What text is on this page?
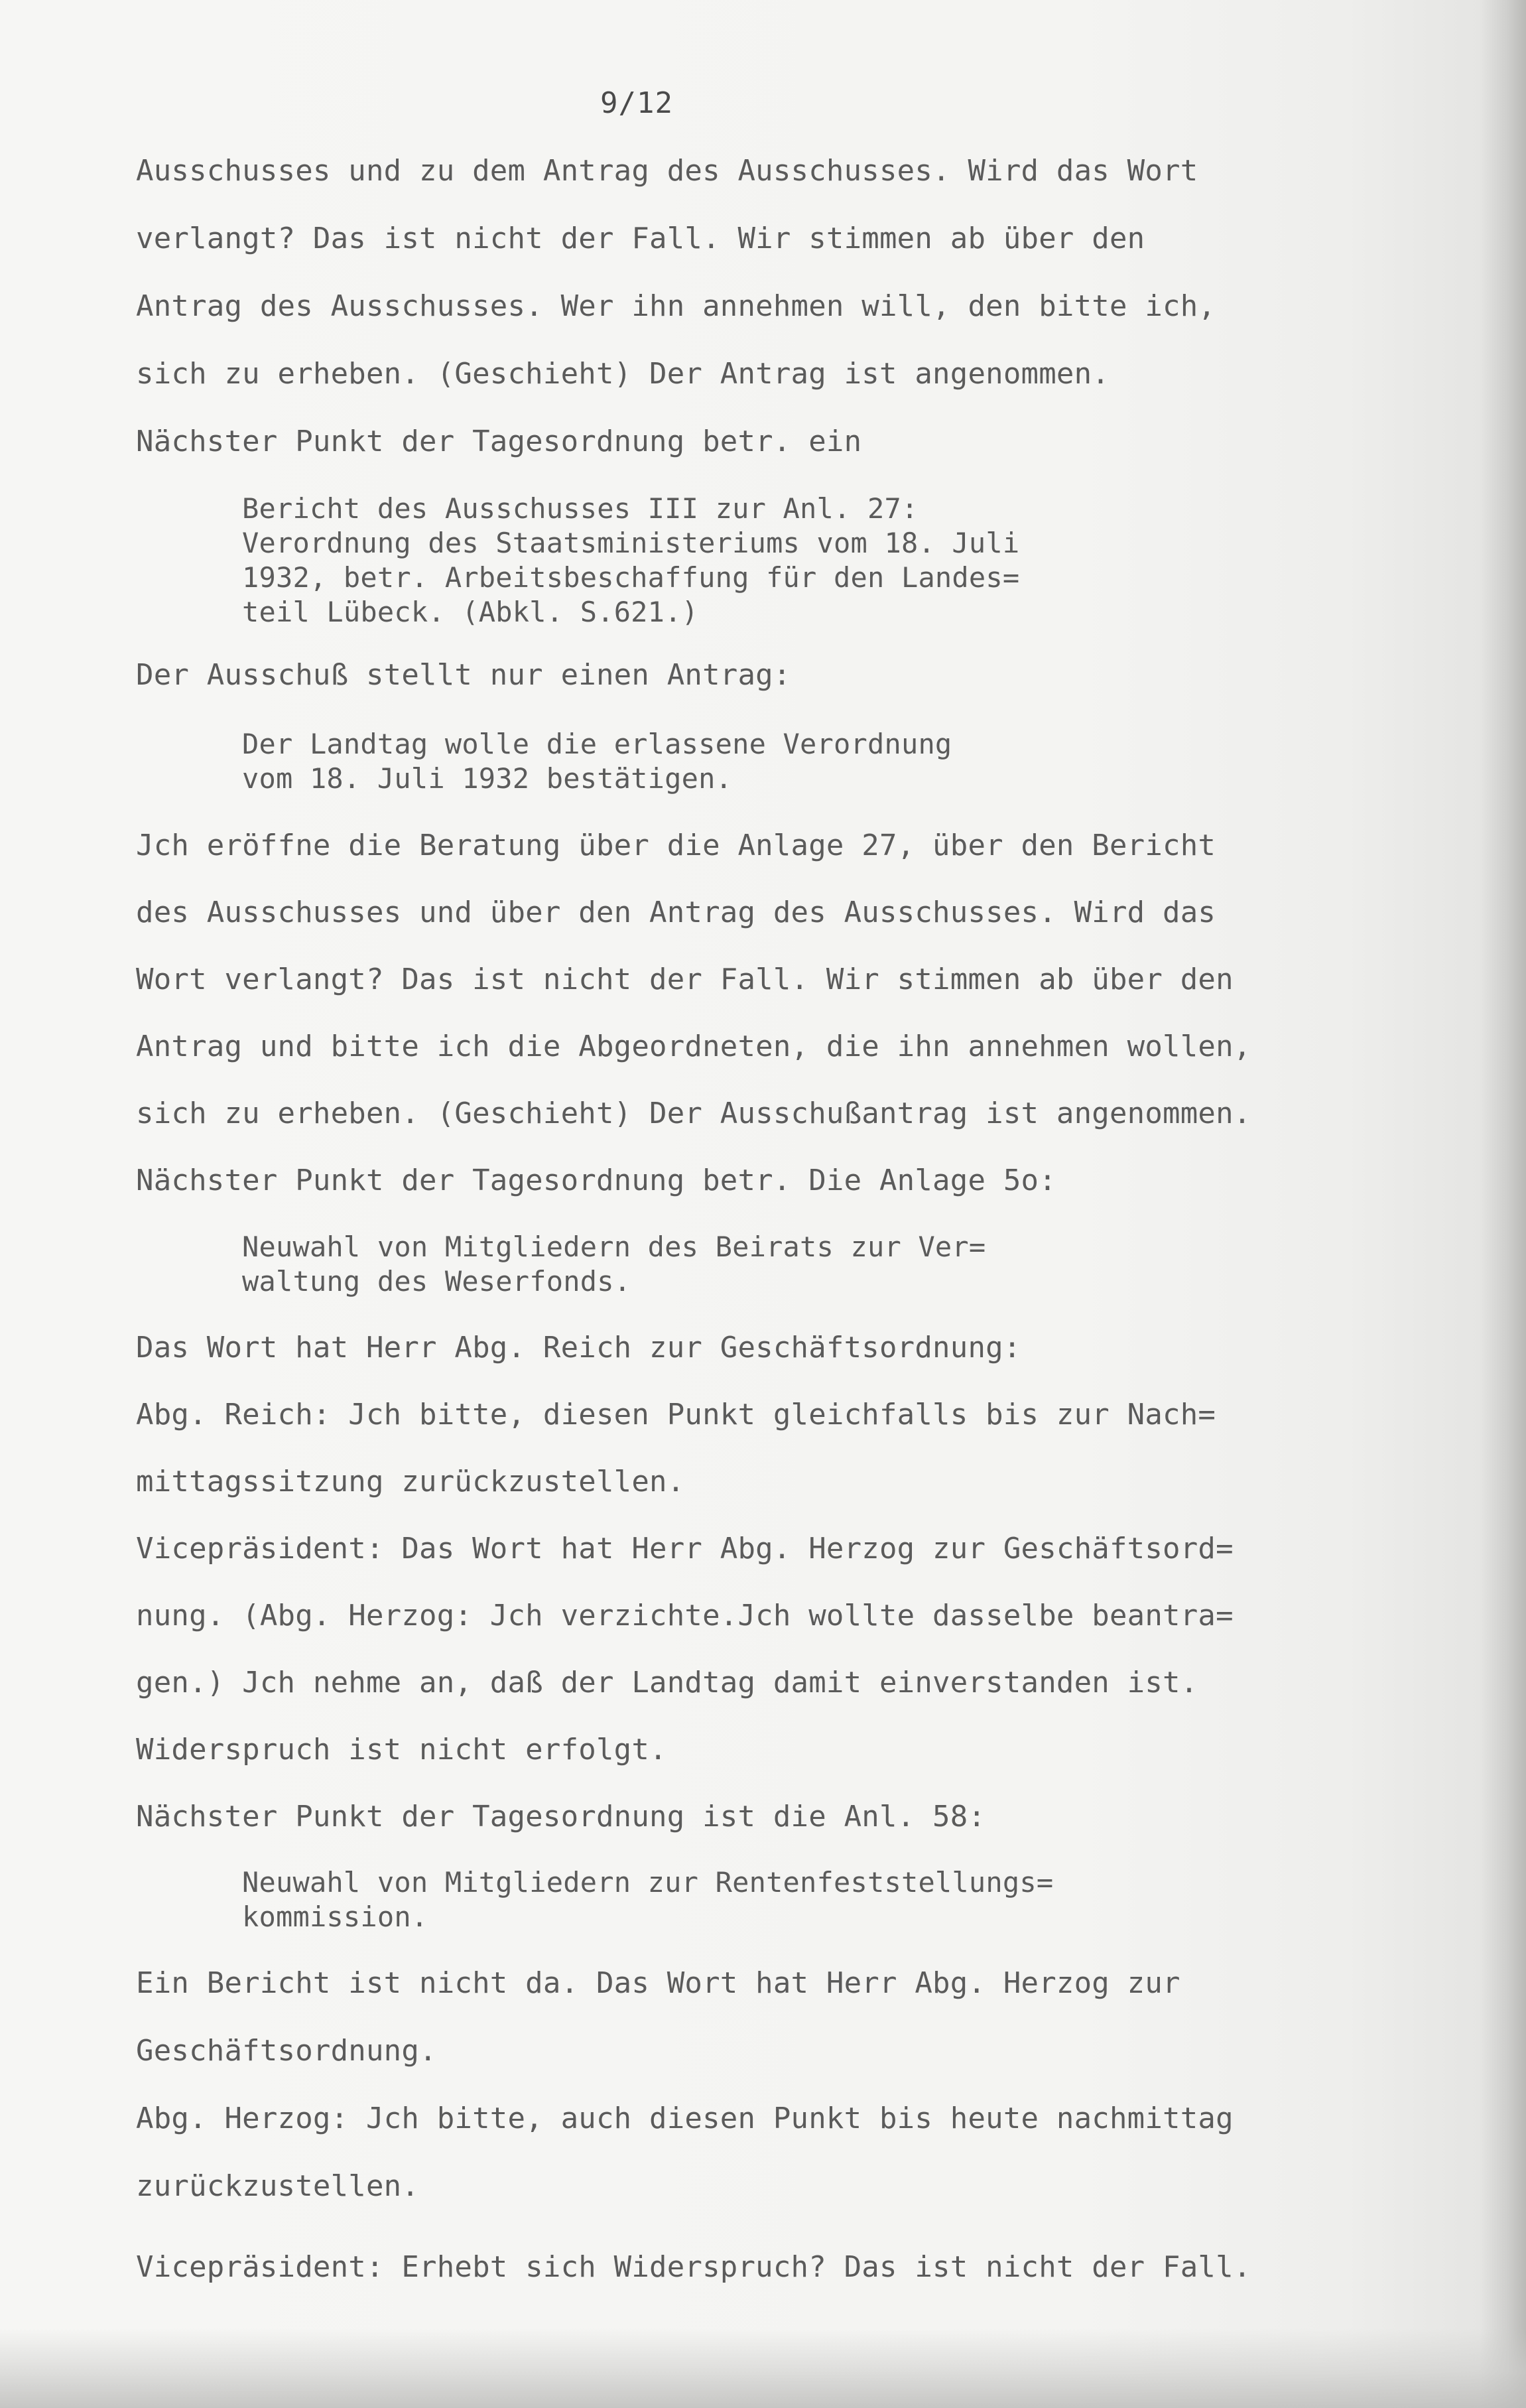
9/12
Ausschusses und zu dem Antrag des Ausschusses. Wird das Wort
verlangt? Das ist nicht der Fall. Wir stimmen ab über den
Antrag des Ausschusses. Wer ihn annehmen will, den bitte ich,
sich zu erheben. (Geschieht) Der Antrag ist angenommen.
Nächster Punkt der Tagesordnung betr. ein
Bericht des Ausschusses III zur Anl. 27:
Verordnung des Staatsministeriums vom 18. Juli
1932, betr. Arbeitsbeschaffung für den Landes=
teil Lübeck. (Abkl. S.621.)
Der Ausschuß stellt nur einen Antrag:
Der Landtag wolle die erlassene Verordnung
vom 18. Juli 1932 bestätigen.
Jch eröffne die Beratung über die Anlage 27, über den Bericht
des Ausschusses und über den Antrag des Ausschusses. Wird das
Wort verlangt? Das ist nicht der Fall. Wir stimmen ab über den
Antrag und bitte ich die Abgeordneten, die ihn annehmen wollen,
sich zu erheben. (Geschieht) Der Ausschußantrag ist angenommen.
Nächster Punkt der Tagesordnung betr. Die Anlage 5o:
Neuwahl von Mitgliedern des Beirats zur Ver=
waltung des Weserfonds.
Das Wort hat Herr Abg. Reich zur Geschäftsordnung:
Abg. Reich: Jch bitte, diesen Punkt gleichfalls bis zur Nach=
mittagssitzung zurückzustellen.
Vicepräsident: Das Wort hat Herr Abg. Herzog zur Geschäftsord=
nung. (Abg. Herzog: Jch verzichte.Jch wollte dasselbe beantra=
gen.) Jch nehme an, daß der Landtag damit einverstanden ist.
Widerspruch ist nicht erfolgt.
Nächster Punkt der Tagesordnung ist die Anl. 58:
Neuwahl von Mitgliedern zur Rentenfeststellungs=
kommission.
Ein Bericht ist nicht da. Das Wort hat Herr Abg. Herzog zur
Geschäftsordnung.
Abg. Herzog: Jch bitte, auch diesen Punkt bis heute nachmittag
zurückzustellen.
Vicepräsident: Erhebt sich Widerspruch? Das ist nicht der Fall.
